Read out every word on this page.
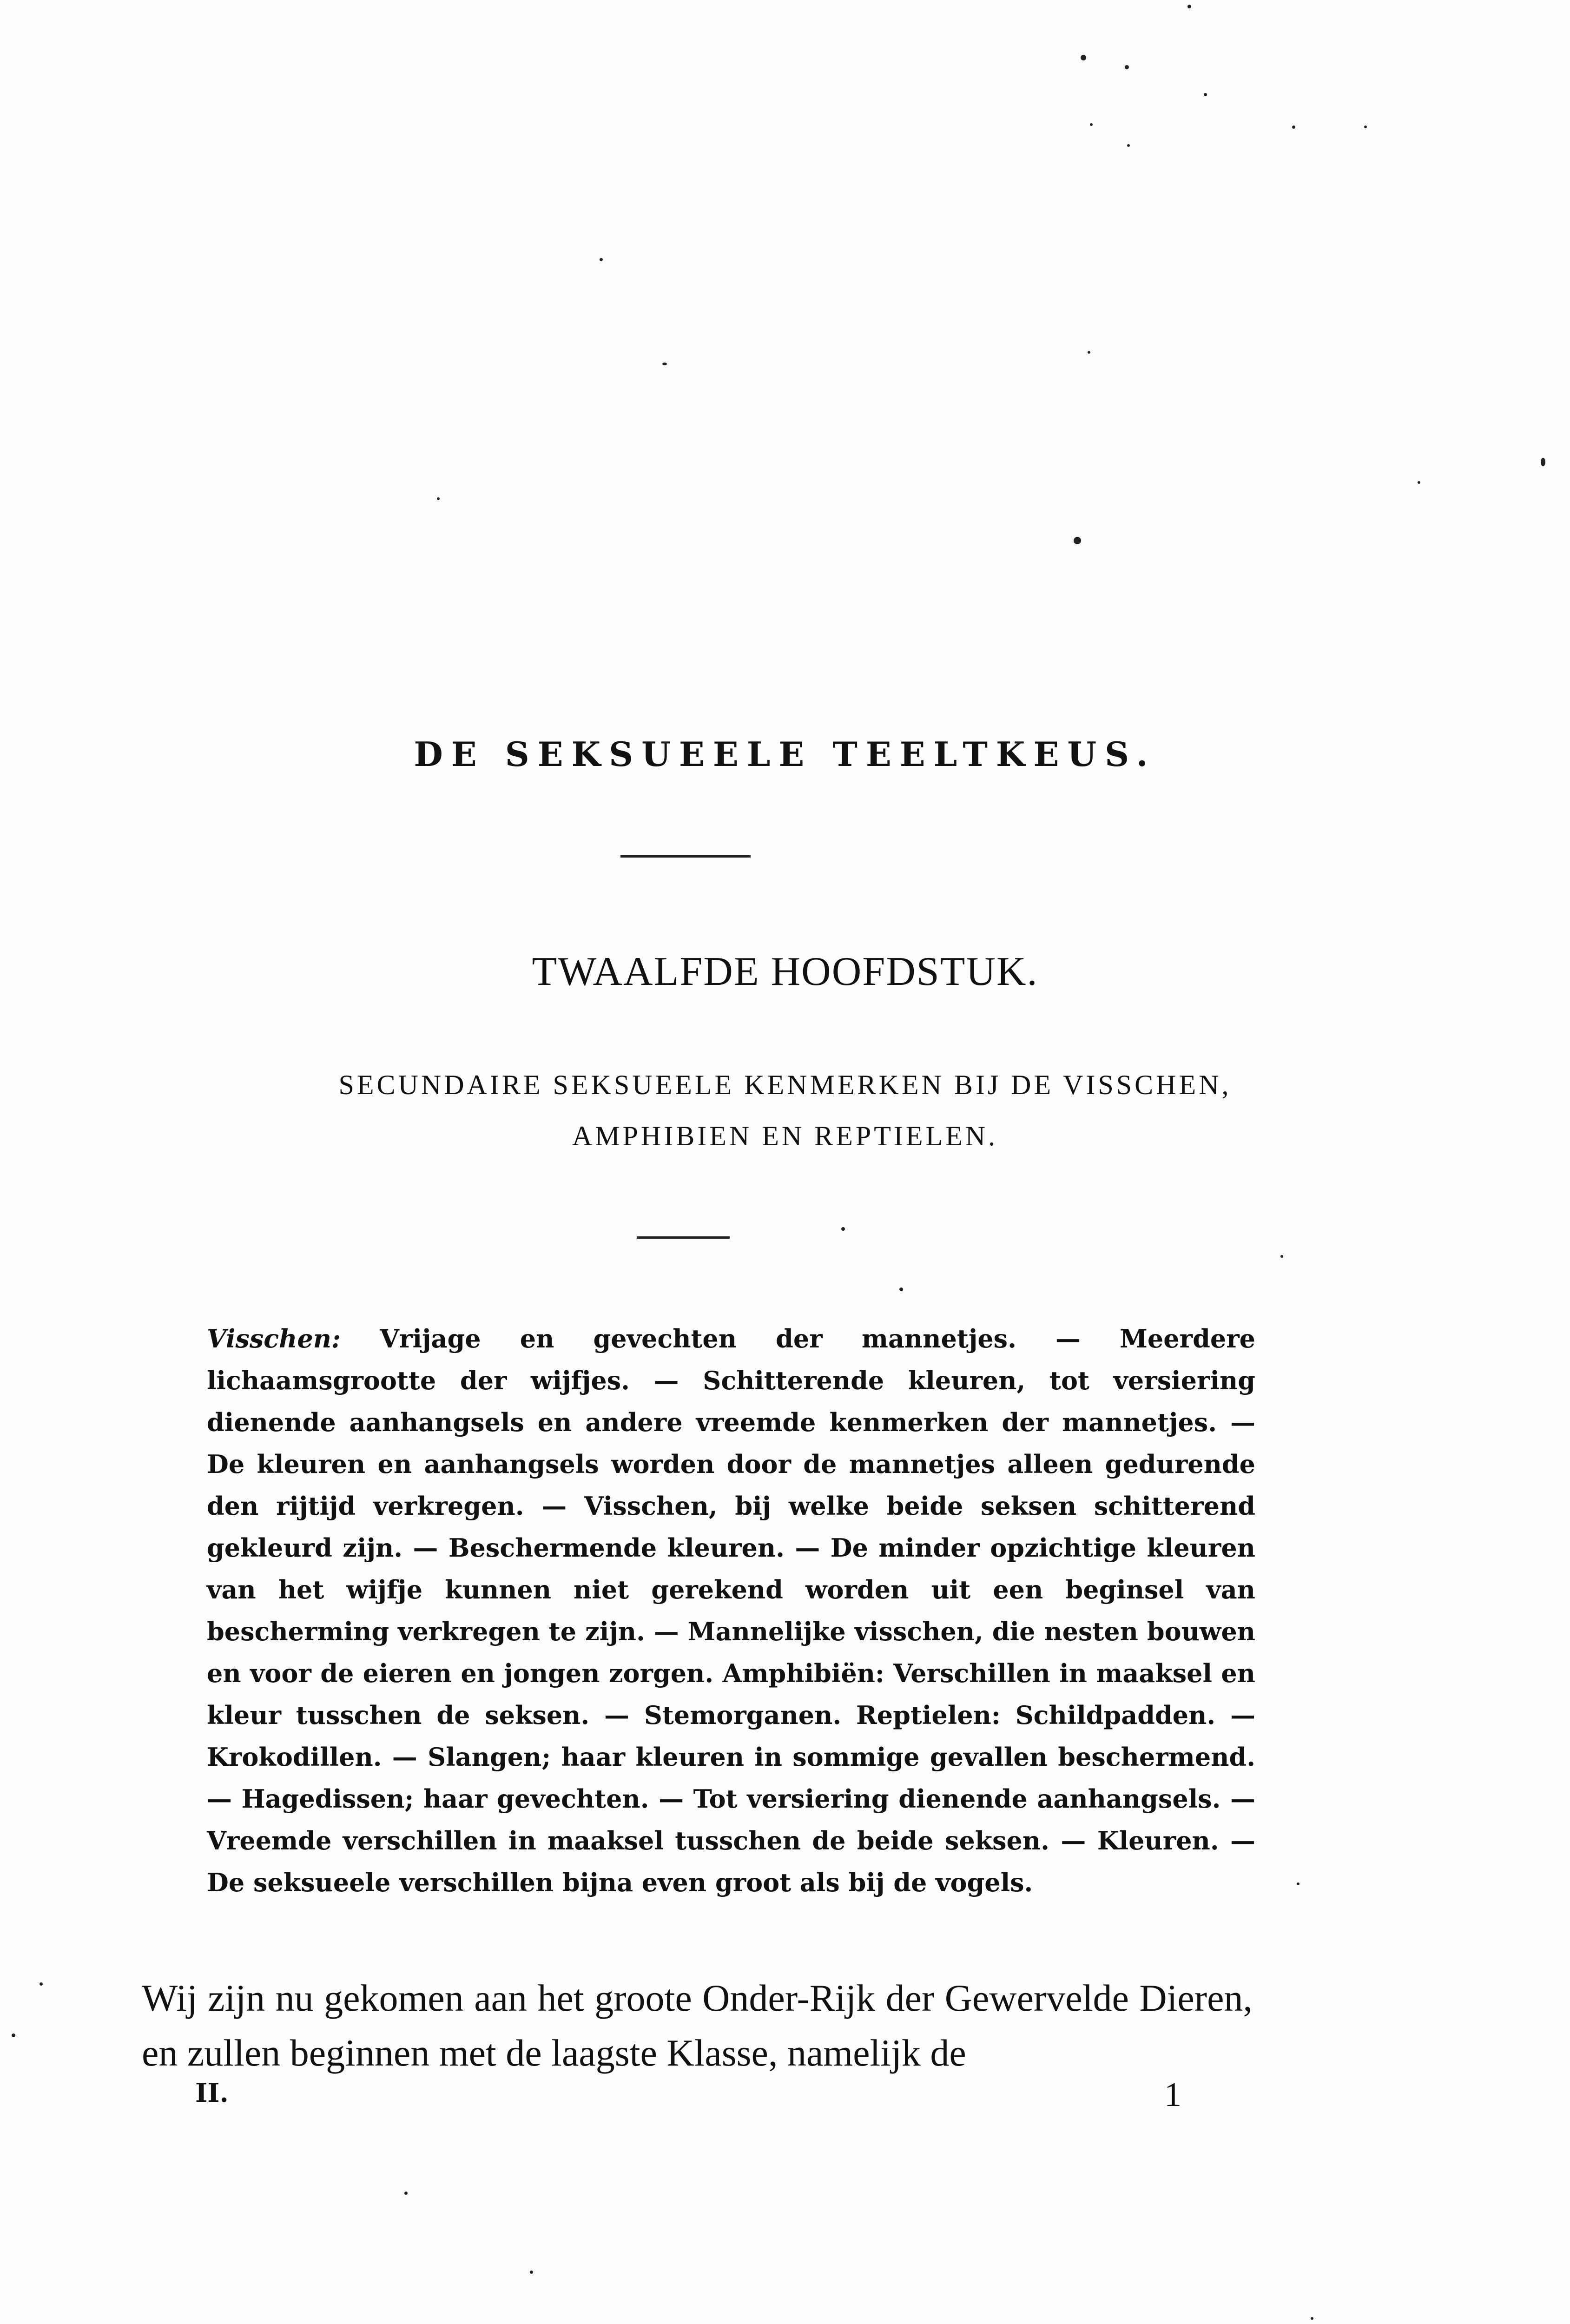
DE SEKSUEELE TEELTKEUS.
TWAALFDE HOOFDSTUK.
SECUNDAIRE SEKSUEELE KENMERKEN BIJ DE VISSCHEN,
AMPHIBIEN EN REPTIELEN.
Visschen: Vrijage en gevechten der mannetjes. — Meerdere lichaamsgrootte der wijfjes. — Schitterende kleuren, tot versiering dienende aanhangsels en andere vreemde kenmerken der mannetjes. — De kleuren en aanhangsels worden door de mannetjes alleen gedurende den rijtijd verkregen. — Visschen, bij welke beide seksen schitterend gekleurd zijn. — Beschermende kleuren. — De minder opzichtige kleuren van het wijfje kunnen niet gerekend worden uit een beginsel van bescherming verkregen te zijn. — Mannelijke visschen, die nesten bouwen en voor de eieren en jongen zorgen. Amphibiën: Verschillen in maaksel en kleur tusschen de seksen. — Stemorganen. Reptielen: Schildpadden. — Krokodillen. — Slangen; haar kleuren in sommige gevallen beschermend. — Hagedissen; haar gevechten. — Tot versiering dienende aanhangsels. — Vreemde verschillen in maaksel tusschen de beide seksen. — Kleuren. — De seksueele verschillen bijna even groot als bij de vogels.
Wij zijn nu gekomen aan het groote Onder-Rijk der Gewervelde Dieren, en zullen beginnen met de laagste Klasse, namelijk de
II.	1
